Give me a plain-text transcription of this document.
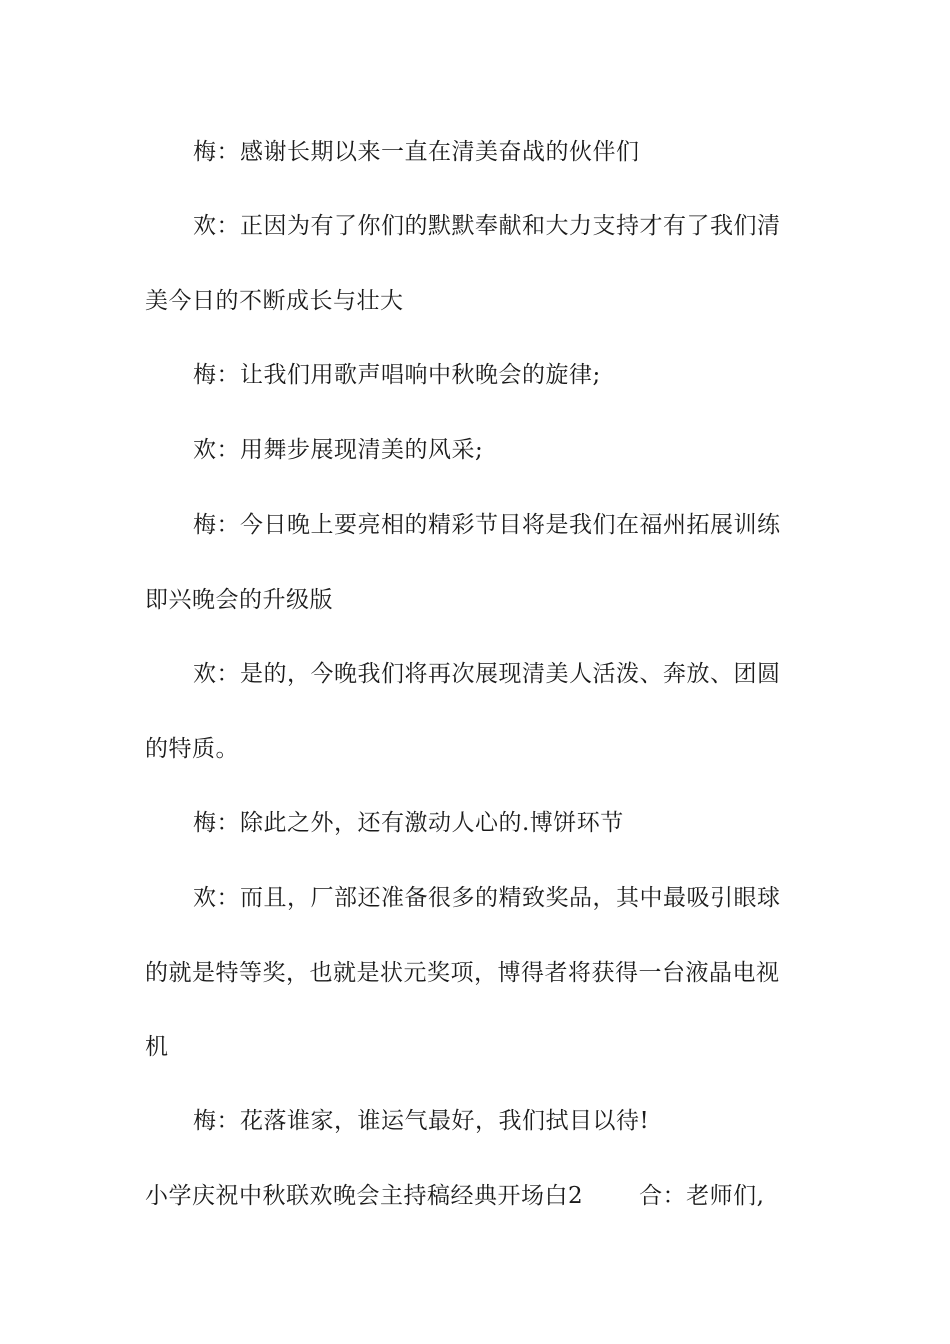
梅：感谢长期以来一直在清美奋战的伙伴们
欢：正因为有了你们的默默奉献和大力支持才有了我们清
美今日的不断成长与壮大
梅：让我们用歌声唱响中秋晚会的旋律;
欢：用舞步展现清美的风采;
梅：今日晚上要亮相的精彩节目将是我们在福州拓展训练
即兴晚会的升级版
欢：是的，今晚我们将再次展现清美人活泼、奔放、团圆
的特质。
梅：除此之外，还有激动人心的.博饼环节
欢：而且，厂部还准备很多的精致奖品，其中最吸引眼球
的就是特等奖，也就是状元奖项，博得者将获得一台液晶电视
机
梅：花落谁家，谁运气最好，我们拭目以待!
小学庆祝中秋联欢晚会主持稿经典开场白2 合：老师们,
